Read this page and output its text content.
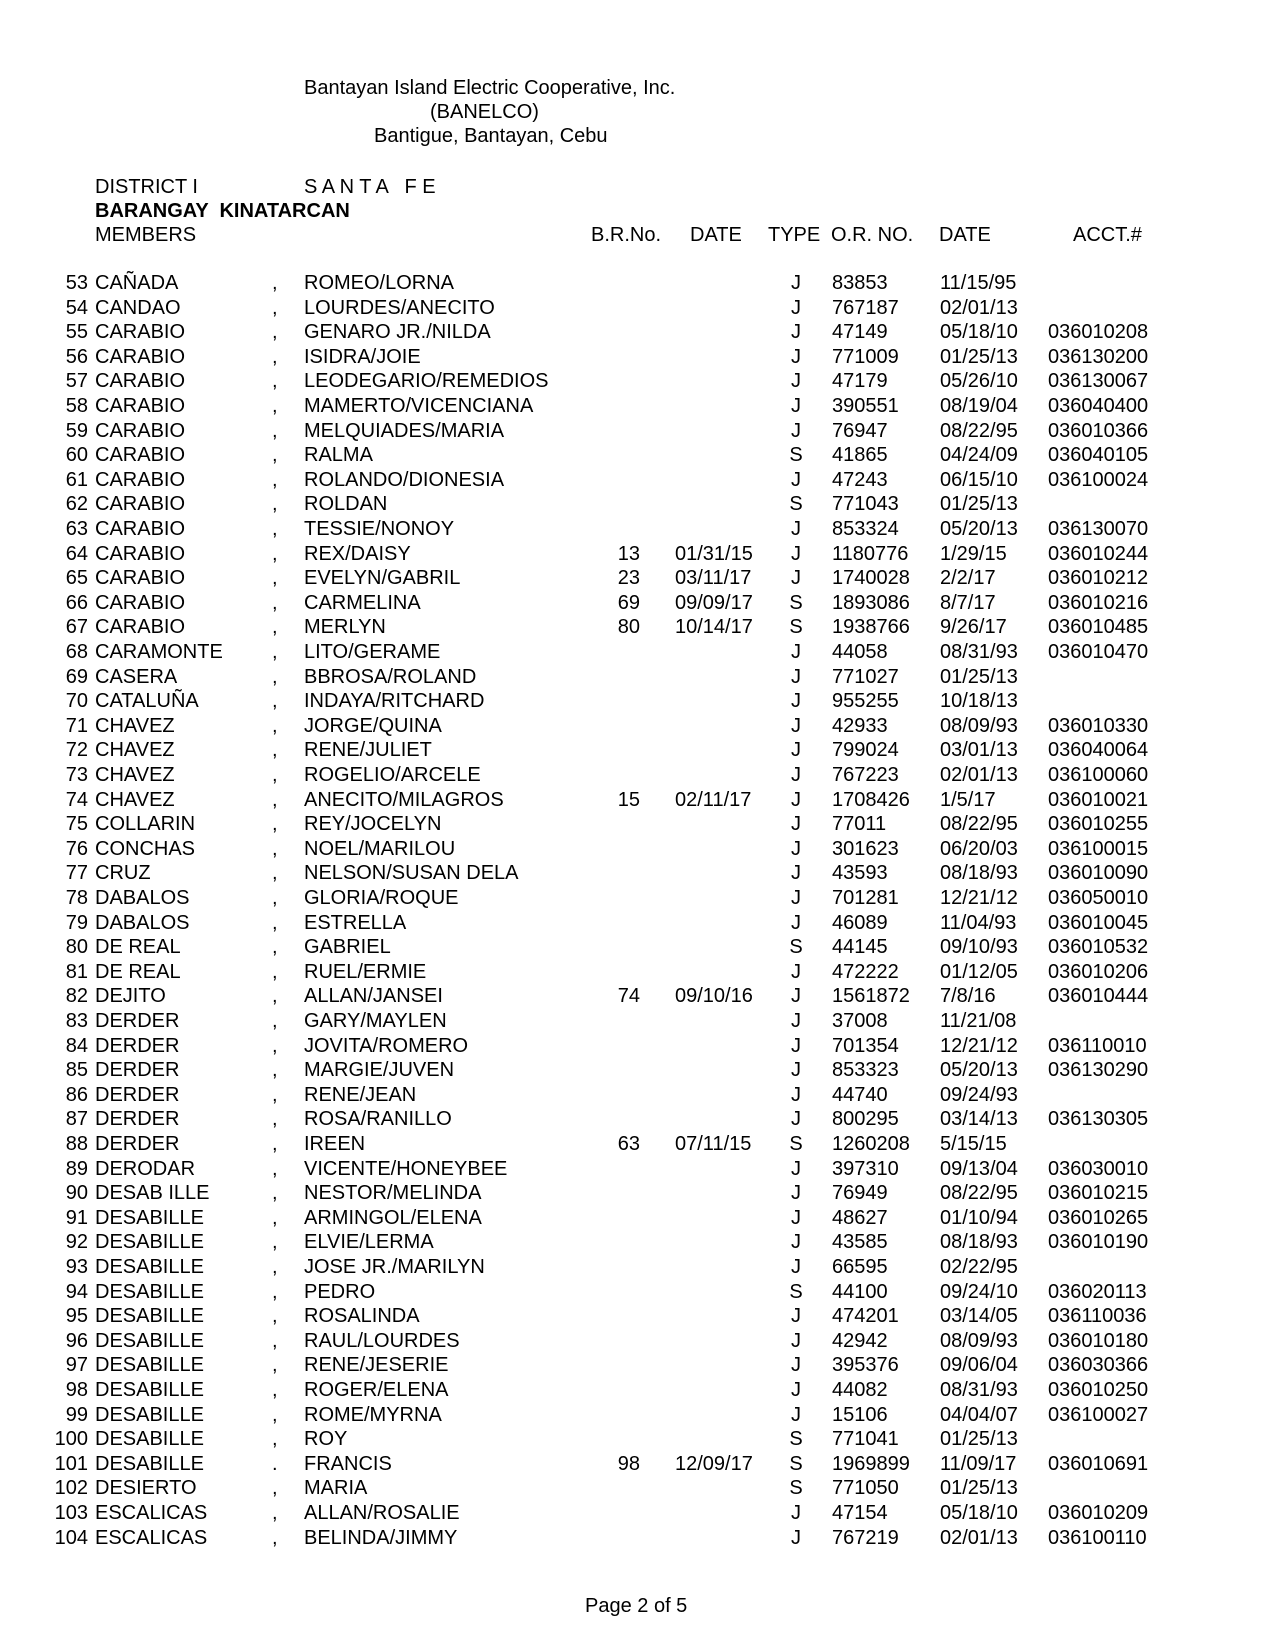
Bantayan Island Electric Cooperative, Inc.
(BANELCO)
Bantigue, Bantayan, Cebu
DISTRICT I	S A N T A   F E
BARANGAY  KINATARCAN
MEMBERS	B.R.No. DATE TYPE O.R. NO. DATE	ACCT.#
53 CAÑADA	, ROMEO/LORNA	J	83853	11/15/95
54 CANDAO	, LOURDES/ANECITO	J	767187 02/01/13
55 CARABIO	, GENARO JR./NILDA	J	47149	05/18/10 036010208
56 CARABIO	, ISIDRA/JOIE	J	771009 01/25/13 036130200
57 CARABIO	, LEODEGARIO/REMEDIOS	J	47179	05/26/10 036130067
58 CARABIO	, MAMERTO/VICENCIANA	J	390551 08/19/04 036040400
59 CARABIO	, MELQUIADES/MARIA	J	76947	08/22/95 036010366
60 CARABIO	, RALMA	S	41865	04/24/09 036040105
61 CARABIO	, ROLANDO/DIONESIA	J	47243	06/15/10 036100024
62 CARABIO	, ROLDAN	S	771043 01/25/13
63 CARABIO	, TESSIE/NONOY	J	853324 05/20/13 036130070
64 CARABIO	, REX/DAISY	13 01/31/15	J	1180776 1/29/15 036010244
65 CARABIO	, EVELYN/GABRIL	23 03/11/17	J	1740028 2/2/17	036010212
66 CARABIO	, CARMELINA	69 09/09/17	S	1893086 8/7/17	036010216
67 CARABIO	, MERLYN	80 10/14/17	S	1938766 9/26/17 036010485
68 CARAMONTE , LITO/GERAME	J	44058	08/31/93 036010470
69 CASERA	, BBROSA/ROLAND	J	771027 01/25/13
70 CATALUÑA	, INDAYA/RITCHARD	J	955255 10/18/13
71 CHAVEZ	, JORGE/QUINA	J	42933	08/09/93 036010330
72 CHAVEZ	, RENE/JULIET	J	799024 03/01/13 036040064
73 CHAVEZ	, ROGELIO/ARCELE	J	767223 02/01/13 036100060
74 CHAVEZ	, ANECITO/MILAGROS	15 02/11/17	J	1708426 1/5/17	036010021
75 COLLARIN	, REY/JOCELYN	J	77011	08/22/95 036010255
76 CONCHAS	, NOEL/MARILOU	J	301623 06/20/03 036100015
77 CRUZ	, NELSON/SUSAN DELA	J	43593	08/18/93 036010090
78 DABALOS	, GLORIA/ROQUE	J	701281 12/21/12 036050010
79 DABALOS	, ESTRELLA	J	46089	11/04/93 036010045
80 DE REAL	, GABRIEL	S	44145	09/10/93 036010532
81 DE REAL	, RUEL/ERMIE	J	472222 01/12/05 036010206
82 DEJITO	, ALLAN/JANSEI	74 09/10/16	J	1561872 7/8/16	036010444
83 DERDER	, GARY/MAYLEN	J	37008	11/21/08
84 DERDER	, JOVITA/ROMERO	J	701354 12/21/12 036110010
85 DERDER	, MARGIE/JUVEN	J	853323 05/20/13 036130290
86 DERDER	, RENE/JEAN	J	44740	09/24/93
87 DERDER	, ROSA/RANILLO	J	800295 03/14/13 036130305
88 DERDER	, IREEN	63 07/11/15	S	1260208 5/15/15
89 DERODAR	, VICENTE/HONEYBEE	J	397310 09/13/04 036030010
90 DESAB ILLE	, NESTOR/MELINDA	J	76949	08/22/95 036010215
91 DESABILLE	, ARMINGOL/ELENA	J	48627	01/10/94 036010265
92 DESABILLE	, ELVIE/LERMA	J	43585	08/18/93 036010190
93 DESABILLE	, JOSE JR./MARILYN	J	66595	02/22/95
94 DESABILLE	, PEDRO	S	44100	09/24/10 036020113
95 DESABILLE	, ROSALINDA	J	474201 03/14/05 036110036
96 DESABILLE	, RAUL/LOURDES	J	42942	08/09/93 036010180
97 DESABILLE	, RENE/JESERIE	J	395376 09/06/04 036030366
98 DESABILLE	, ROGER/ELENA	J	44082	08/31/93 036010250
99 DESABILLE	, ROME/MYRNA	J	15106	04/04/07 036100027
100 DESABILLE	, ROY	S	771041 01/25/13
101 DESABILLE	. FRANCIS	98 12/09/17	S	1969899 11/09/17 036010691
102 DESIERTO	, MARIA	S	771050 01/25/13
103 ESCALICAS	, ALLAN/ROSALIE	J	47154	05/18/10 036010209
104 ESCALICAS	, BELINDA/JIMMY	J	767219 02/01/13 036100110
Page 2 of 5
